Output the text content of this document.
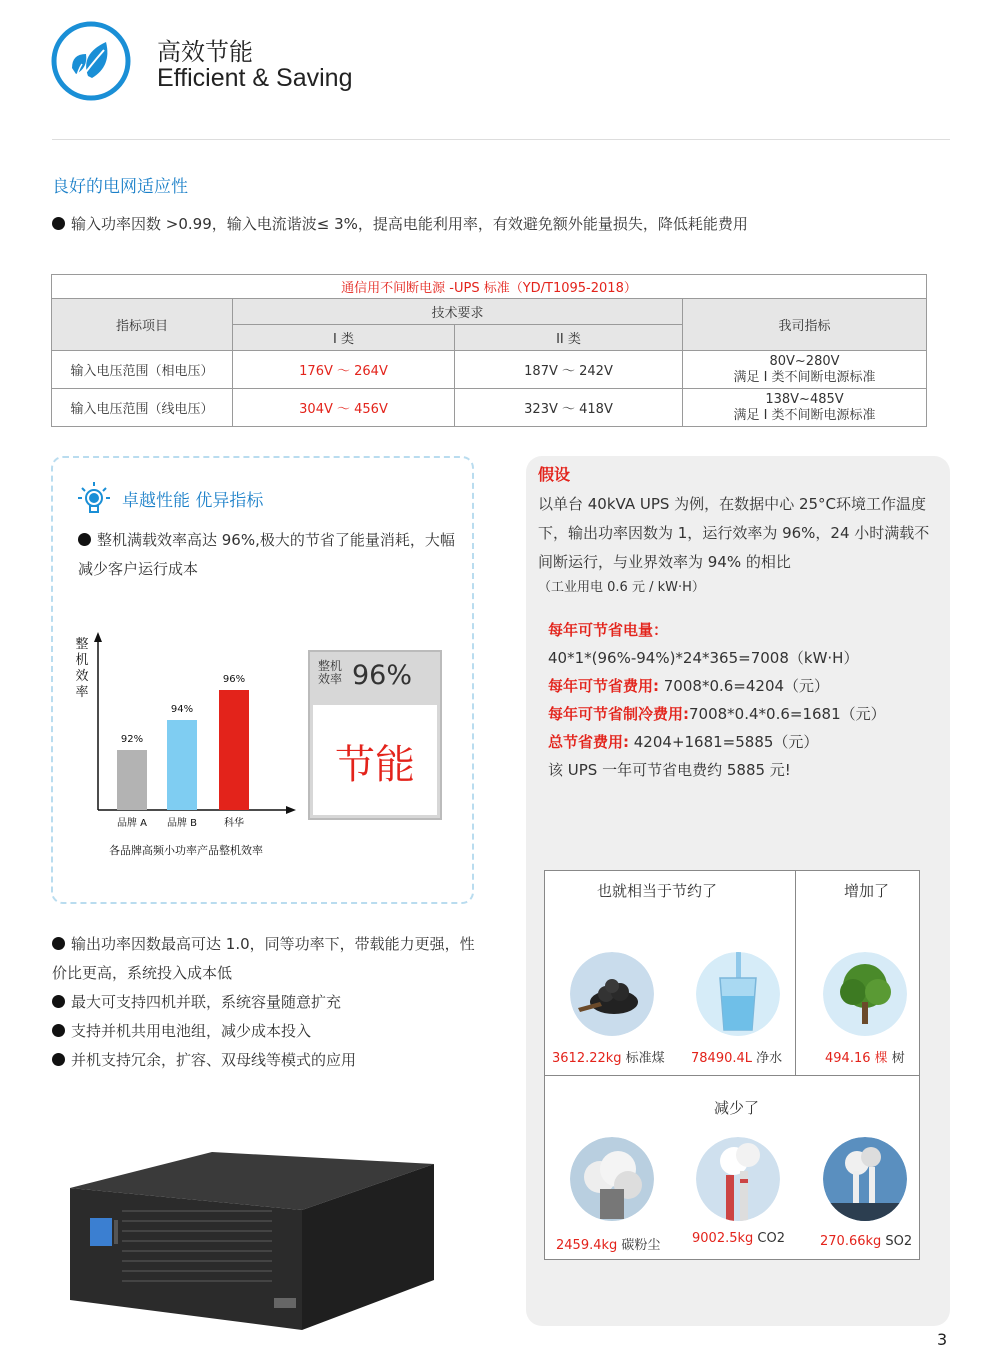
高效节能
Efficient & Saving
良好的电网适应性
输入功率因数 >0.99，输入电流谐波≤ 3%，提高电能利用率，有效避免额外能量损失，降低耗能费用
通信用不间断电源 -UPS 标准（YD/T1095-2018）			
指标项目	技术要求		我司指标
	I 类	II 类	
输入电压范围（相电压）	176V ～ 264V	187V ～ 242V	80V~280V
满足 I 类不间断电源标准

输入电压范围（线电压）	304V ～ 456V	323V ～ 418V	138V~485V
满足 I 类不间断电源标准
卓越性能 优异指标
整机满载效率高达 96%,极大的节省了能量消耗，大幅减少客户运行成本
整
机
效
率
92%
品牌 A
94%
品牌 B
96%
科华
各品牌高频小功率产品整机效率
整机
效率 96%
节能
假设
以单台 40kVA UPS 为例，在数据中心 25°C环境工作温度下，输出功率因数为 1，运行效率为 96%，24 小时满载不间断运行，与业界效率为 94% 的相比
（工业用电 0.6 元 / kW·H）
每年可节省电量：
40*1*(96%-94%)*24*365=7008（kW·H）
每年可节省费用: 7008*0.6=4204（元）
每年可节省制冷费用:7008*0.4*0.6=1681（元）
总节省费用: 4204+1681=5885（元）
该 UPS 一年可节省电费约 5885 元!
也就相当于节约了	增加了
减少了
3612.22kg 标准煤 78490.4L 净水	494.16 棵 树
2459.4kg 碳粉尘 9002.5kg CO2	270.66kg SO2
输出功率因数最高可达 1.0，同等功率下，带载能力更强，性价比更高，系统投入成本低
最大可支持四机并联，系统容量随意扩充
支持并机共用电池组，减少成本投入
并机支持冗余，扩容、双母线等模式的应用
3
